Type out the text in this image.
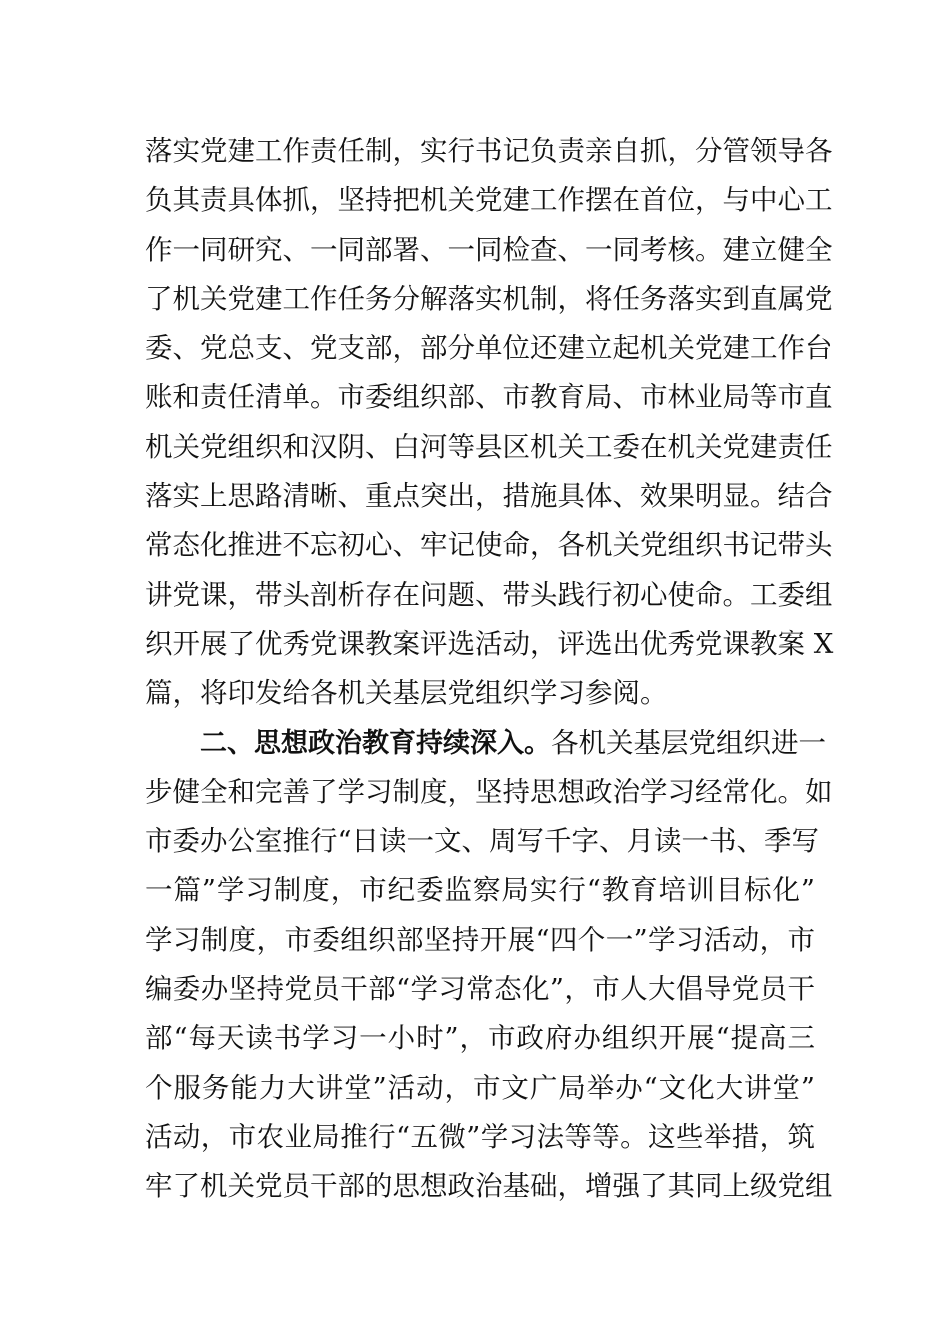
落实党建工作责任制，实行书记负责亲自抓，分管领导各
负其责具体抓，坚持把机关党建工作摆在首位，与中心工
作一同研究、一同部署、一同检查、一同考核。建立健全
了机关党建工作任务分解落实机制，将任务落实到直属党
委、党总支、党支部，部分单位还建立起机关党建工作台
账和责任清单。市委组织部、市教育局、市林业局等市直
机关党组织和汉阴、白河等县区机关工委在机关党建责任
落实上思路清晰、重点突出，措施具体、效果明显。结合
常态化推进不忘初心、牢记使命，各机关党组织书记带头
讲党课，带头剖析存在问题、带头践行初心使命。工委组
织开展了优秀党课教案评选活动，评选出优秀党课教案 X
篇，将印发给各机关基层党组织学习参阅。
二、思想政治教育持续深入。各机关基层党组织进一
步健全和完善了学习制度，坚持思想政治学习经常化。如
市委办公室推行“日读一文、周写千字、月读一书、季写
一篇”学习制度，市纪委监察局实行“教育培训目标化”
学习制度，市委组织部坚持开展“四个一”学习活动，市
编委办坚持党员干部“学习常态化”，市人大倡导党员干
部“每天读书学习一小时”，市政府办组织开展“提高三
个服务能力大讲堂”活动，市文广局举办“文化大讲堂”
活动，市农业局推行“五微”学习法等等。这些举措，筑
牢了机关党员干部的思想政治基础，增强了其同上级党组
